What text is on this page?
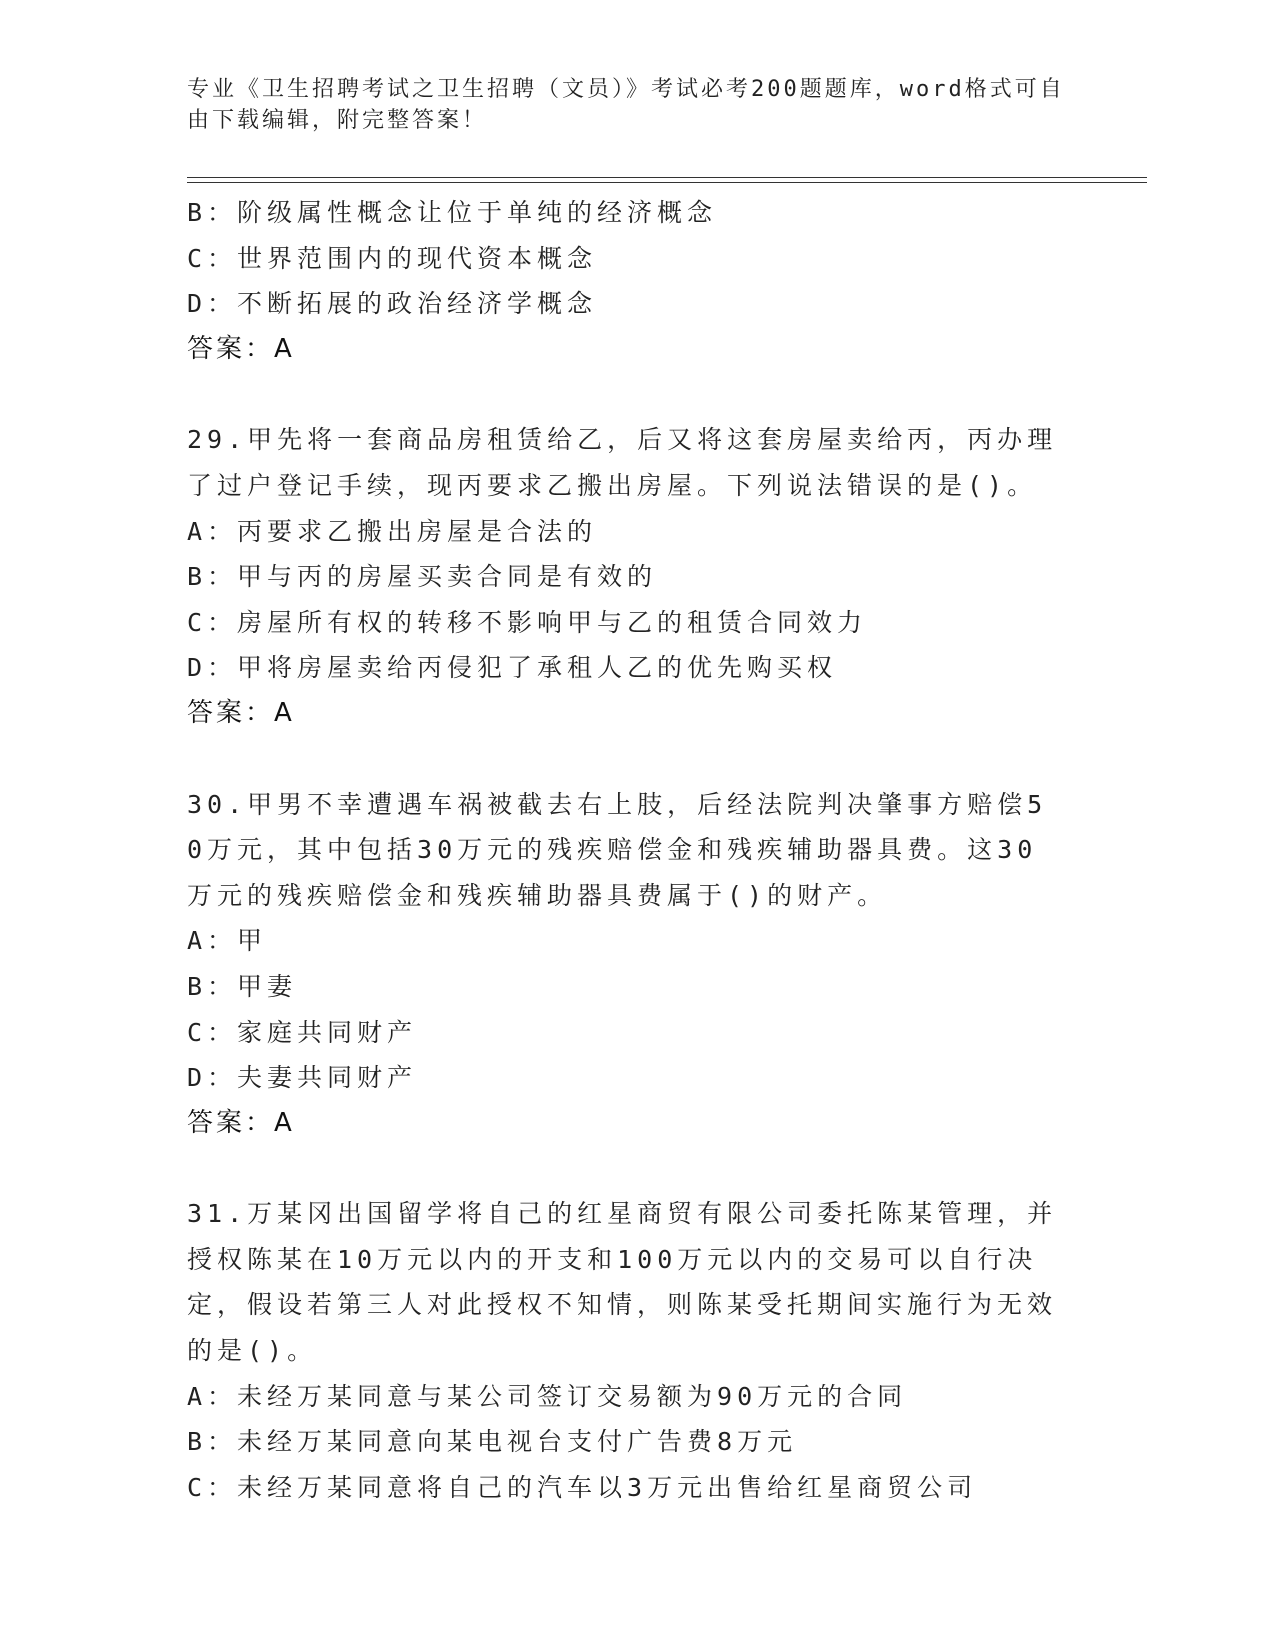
专业《卫生招聘考试之卫生招聘（文员）》考试必考200题题库，word格式可自由下载编辑，附完整答案！
B：阶级属性概念让位于单纯的经济概念
C：世界范围内的现代资本概念
D：不断拓展的政治经济学概念
答案：A
29.甲先将一套商品房租赁给乙，后又将这套房屋卖给丙，丙办理了过户登记手续，现丙要求乙搬出房屋。下列说法错误的是()。
A：丙要求乙搬出房屋是合法的
B：甲与丙的房屋买卖合同是有效的
C：房屋所有权的转移不影响甲与乙的租赁合同效力
D：甲将房屋卖给丙侵犯了承租人乙的优先购买权
答案：A
30.甲男不幸遭遇车祸被截去右上肢，后经法院判决肇事方赔偿50万元，其中包括30万元的残疾赔偿金和残疾辅助器具费。这30万元的残疾赔偿金和残疾辅助器具费属于()的财产。
A：甲
B：甲妻
C：家庭共同财产
D：夫妻共同财产
答案：A
31.万某冈出国留学将自己的红星商贸有限公司委托陈某管理，并授权陈某在10万元以内的开支和100万元以内的交易可以自行决定，假设若第三人对此授权不知情，则陈某受托期间实施行为无效的是()。
A：未经万某同意与某公司签订交易额为90万元的合同
B：未经万某同意向某电视台支付广告费8万元
C：未经万某同意将自己的汽车以3万元出售给红星商贸公司
